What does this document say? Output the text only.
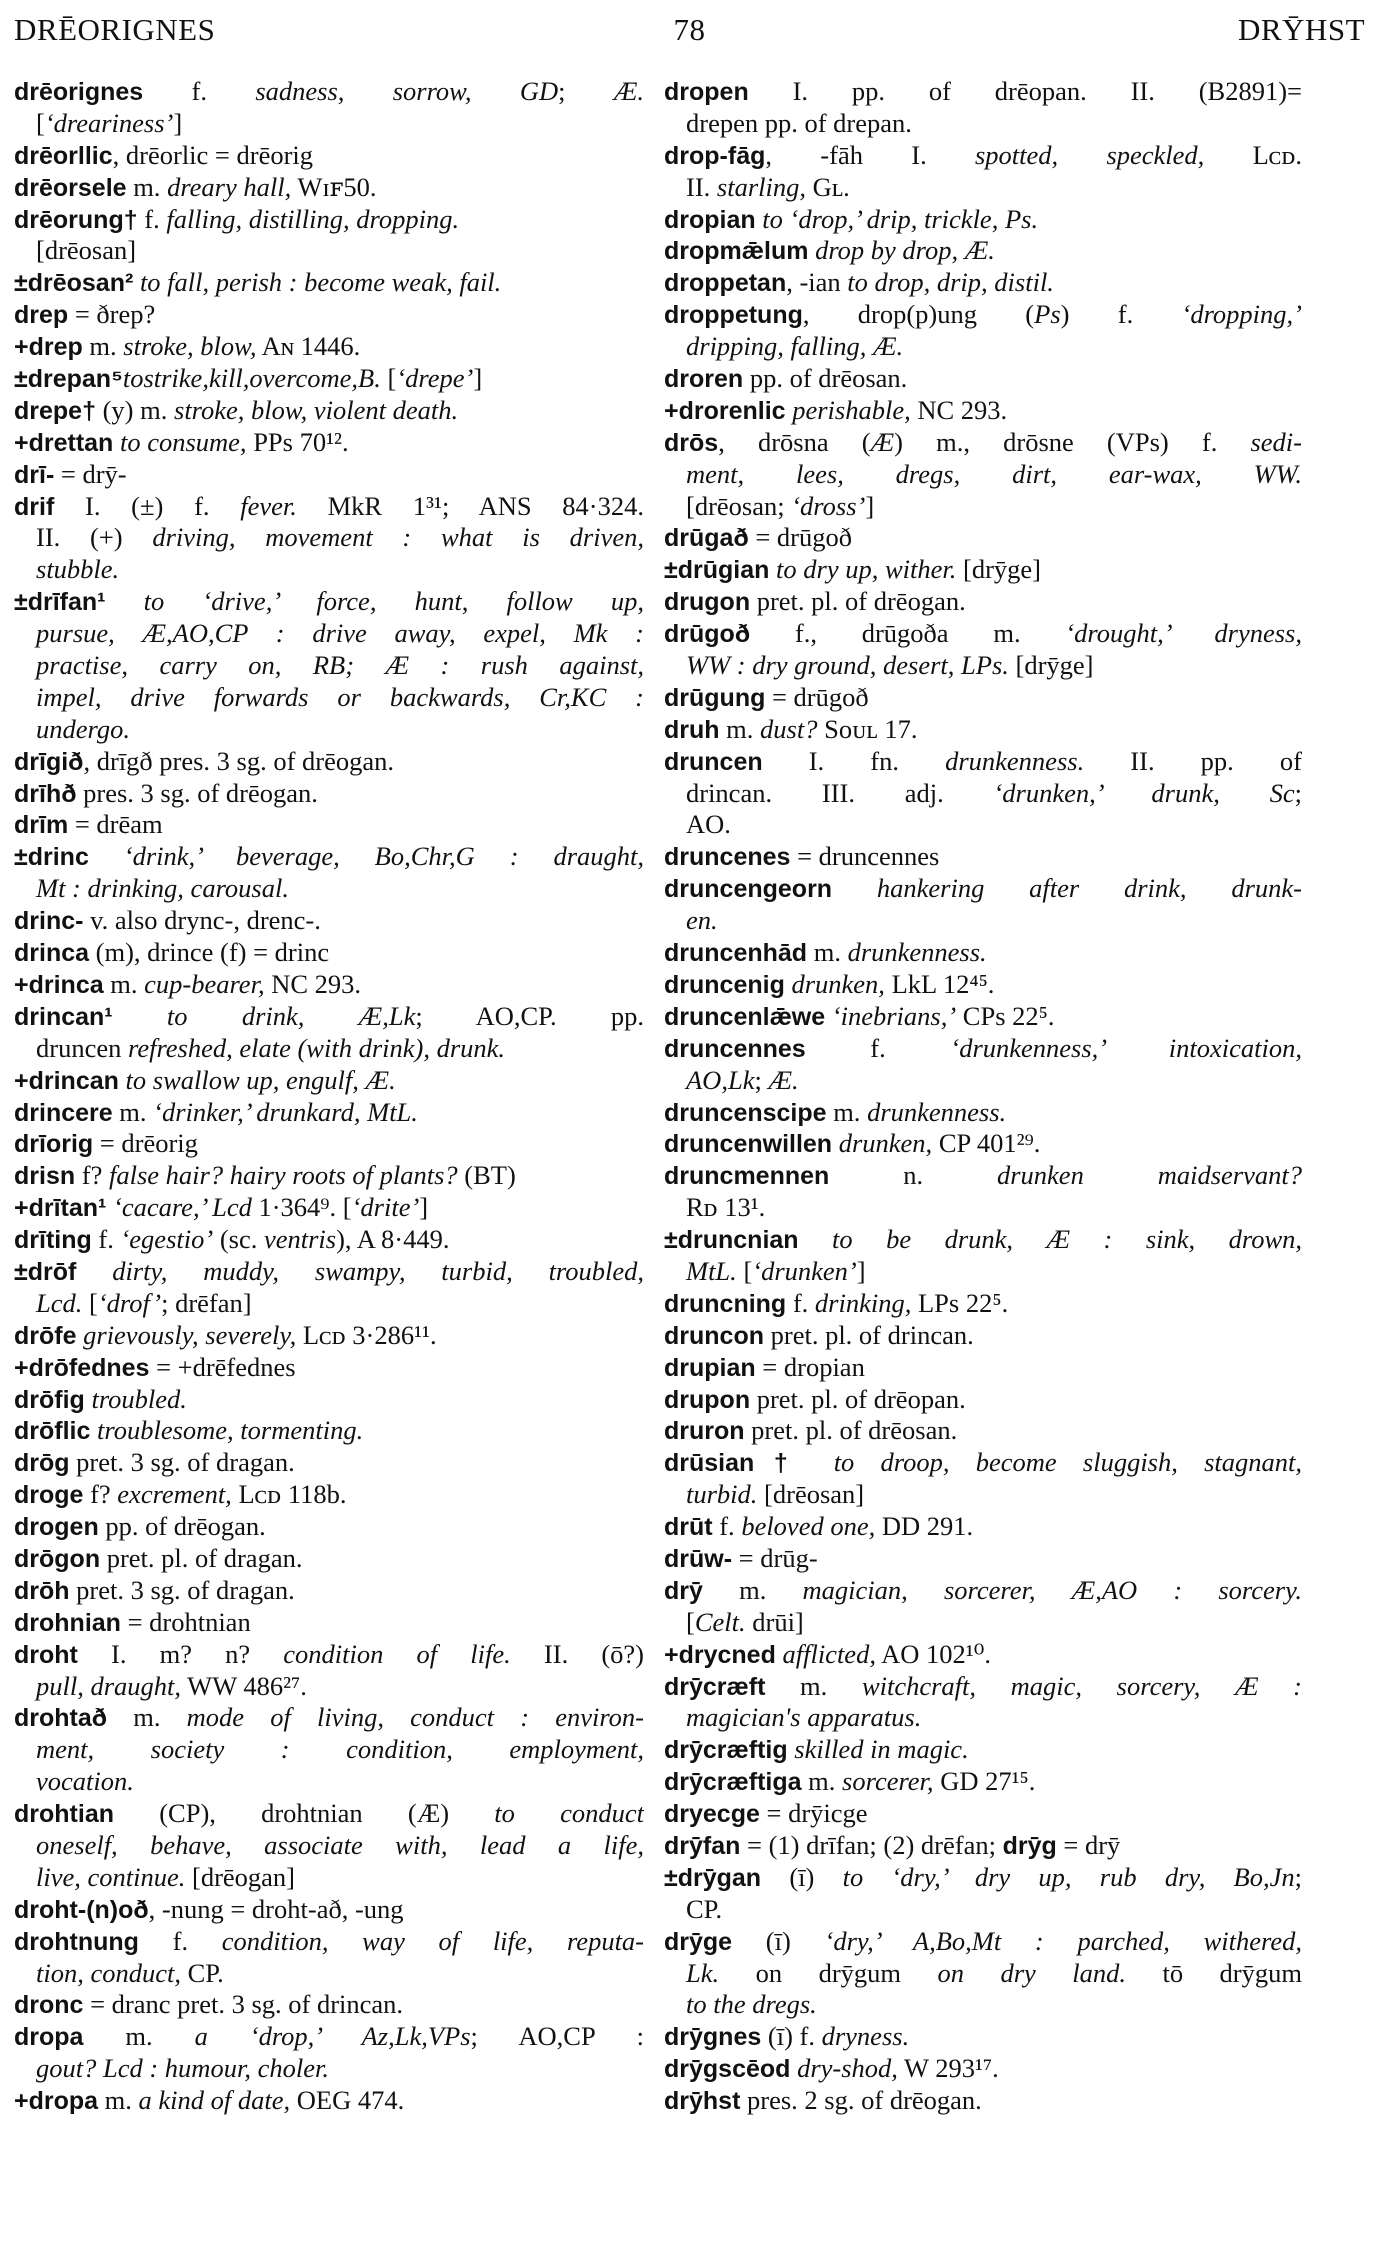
DRĒORIGNES	78	DRȲHST
drēorignes f. sadness, sorrow, GD; Æ.
[‘dreariness’]
drēorllic, drēorlic = drēorig
drēorsele m. dreary hall, Wɪꜰ50.
drēorung† f. falling, distilling, dropping.
[drēosan]
±drēosan² to fall, perish : become weak, fail.
drep = ðrep?
+drep m. stroke, blow, Aɴ 1446.
±drepan⁵tostrike,kill,overcome,B. [‘drepe’]
drepe† (y) m. stroke, blow, violent death.
+drettan to consume, PPs 70¹².
drī- = drȳ-
drif I. (±) f. fever. MkR 1³¹; ANS 84·324.
II. (+) driving, movement : what is driven,
stubble.
±drīfan¹ to ‘drive,’ force, hunt, follow up,
pursue, Æ,AO,CP : drive away, expel, Mk :
practise, carry on, RB; Æ : rush against,
impel, drive forwards or backwards, Cr,KC :
undergo.
drīgið, drīgð pres. 3 sg. of drēogan.
drīhð pres. 3 sg. of drēogan.
drīm = drēam
±drinc ‘drink,’ beverage, Bo,Chr,G : draught,
Mt : drinking, carousal.
drinc- v. also drync-, drenc-.
drinca (m), drince (f) = drinc
+drinca m. cup-bearer, NC 293.
drincan¹ to drink, Æ,Lk; AO,CP. pp.
druncen refreshed, elate (with drink), drunk.
+drincan to swallow up, engulf, Æ.
drincere m. ‘drinker,’ drunkard, MtL.
drīorig = drēorig
drisn f? false hair? hairy roots of plants? (BT)
+drītan¹ ‘cacare,’ Lcd 1·364⁹. [‘drite’]
drīting f. ‘egestio’ (sc. ventris), A 8·449.
±drōf dirty, muddy, swampy, turbid, troubled,
Lcd. [‘drof’; drēfan]
drōfe grievously, severely, Lᴄᴅ 3·286¹¹.
+drōfednes = +drēfednes
drōfig troubled.
drōflic troublesome, tormenting.
drōg pret. 3 sg. of dragan.
droge f? excrement, Lᴄᴅ 118b.
drogen pp. of drēogan.
drōgon pret. pl. of dragan.
drōh pret. 3 sg. of dragan.
drohnian = drohtnian
droht I. m? n? condition of life. II. (ō?)
pull, draught, WW 486²⁷.
drohtað m. mode of living, conduct : environ-
ment, society : condition, employment,
vocation.
drohtian (CP), drohtnian (Æ) to conduct
oneself, behave, associate with, lead a life,
live, continue. [drēogan]
droht-(n)oð, -nung = droht-að, -ung
drohtnung f. condition, way of life, reputa-
tion, conduct, CP.
dronc = dranc pret. 3 sg. of drincan.
dropa m. a ‘drop,’ Az,Lk,VPs; AO,CP :
gout? Lcd : humour, choler.
+dropa m. a kind of date, OEG 474.
dropen I. pp. of drēopan. II. (B2891)=
drepen pp. of drepan.
drop-fāg, -fāh I. spotted, speckled, Lᴄᴅ.
II. starling, Gʟ.
dropian to ‘drop,’ drip, trickle, Ps.
dropmǣlum drop by drop, Æ.
droppetan, -ian to drop, drip, distil.
droppetung, drop(p)ung (Ps) f. ‘dropping,’
dripping, falling, Æ.
droren pp. of drēosan.
+drorenlic perishable, NC 293.
drōs, drōsna (Æ) m., drōsne (VPs) f. sedi-
ment, lees, dregs, dirt, ear-wax, WW.
[drēosan; ‘dross’]
drūgað = drūgoð
±drūgian to dry up, wither. [drȳge]
drugon pret. pl. of drēogan.
drūgoð f., drūgoða m. ‘drought,’ dryness,
WW : dry ground, desert, LPs. [drȳge]
drūgung = drūgoð
druh m. dust? Sᴏᴜʟ 17.
druncen I. fn. drunkenness. II. pp. of
drincan. III. adj. ‘drunken,’ drunk, Sc;
AO.
druncenes = druncennes
druncengeorn hankering after drink, drunk-
en.
druncenhād m. drunkenness.
druncenig drunken, LkL 12⁴⁵.
druncenlǣwe ‘inebrians,’ CPs 22⁵.
druncennes f. ‘drunkenness,’ intoxication,
AO,Lk; Æ.
druncenscipe m. drunkenness.
druncenwillen drunken, CP 401²⁹.
druncmennen n. drunken maidservant?
Rᴅ 13¹.
±druncnian to be drunk, Æ : sink, drown,
MtL. [‘drunken’]
druncning f. drinking, LPs 22⁵.
druncon pret. pl. of drincan.
drupian = dropian
drupon pret. pl. of drēopan.
druron pret. pl. of drēosan.
drūsian† to droop, become sluggish, stagnant,
turbid. [drēosan]
drūt f. beloved one, DD 291.
drūw- = drūg-
drȳ m. magician, sorcerer, Æ,AO : sorcery.
[Celt. drūi]
+drycned afflicted, AO 102¹⁰.
drȳcræft m. witchcraft, magic, sorcery, Æ :
magician's apparatus.
drȳcræftig skilled in magic.
drȳcræftiga m. sorcerer, GD 27¹⁵.
dryecge = drȳicge
drȳfan = (1) drīfan; (2) drēfan; drȳg = drȳ
±drȳgan (ī) to ‘dry,’ dry up, rub dry, Bo,Jn;
CP.
drȳge (ī) ‘dry,’ A,Bo,Mt : parched, withered,
Lk. on drȳgum on dry land. tō drȳgum
to the dregs.
drȳgnes (ī) f. dryness.
drȳgscēod dry-shod, W 293¹⁷.
drȳhst pres. 2 sg. of drēogan.
